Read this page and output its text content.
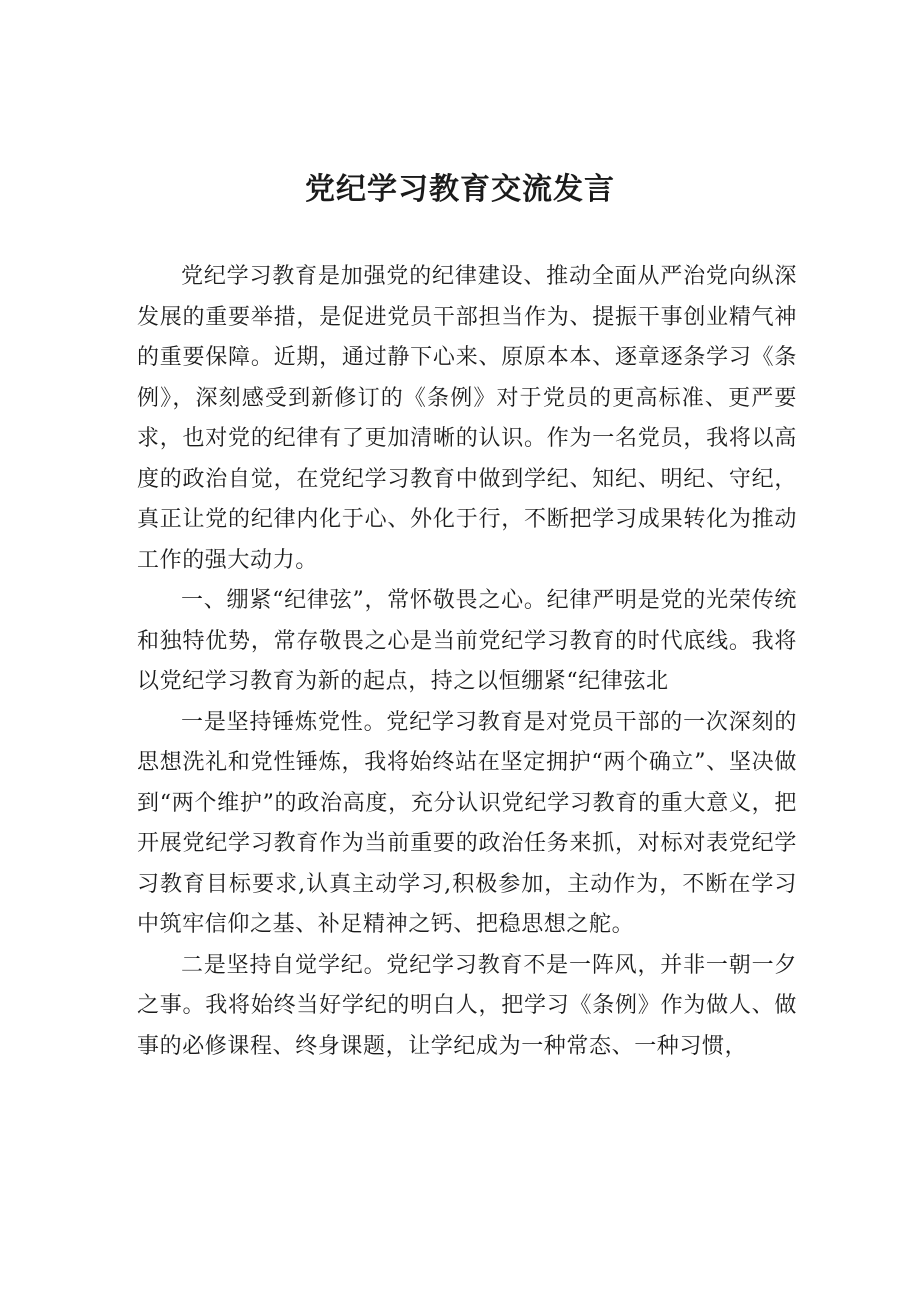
党纪学习教育交流发言

党纪学习教育是加强党的纪律建设、推动全面从严治党向纵深发展的重要举措，是促进党员干部担当作为、提振干事创业精气神的重要保障。近期，通过静下心来、原原本本、逐章逐条学习《条例》，深刻感受到新修订的《条例》对于党员的更高标准、更严要求，也对党的纪律有了更加清晰的认识。作为一名党员，我将以高度的政治自觉，在党纪学习教育中做到学纪、知纪、明纪、守纪，真正让党的纪律内化于心、外化于行，不断把学习成果转化为推动工作的强大动力。

一、绷紧“纪律弦”，常怀敬畏之心。纪律严明是党的光荣传统和独特优势，常存敬畏之心是当前党纪学习教育的时代底线。我将以党纪学习教育为新的起点，持之以恒绷紧“纪律弦北

一是坚持锤炼党性。党纪学习教育是对党员干部的一次深刻的思想洗礼和党性锤炼，我将始终站在坚定拥护“两个确立”、坚决做到“两个维护”的政治高度，充分认识党纪学习教育的重大意义，把开展党纪学习教育作为当前重要的政治任务来抓，对标对表党纪学习教育目标要求,认真主动学习,积极参加，主动作为，不断在学习中筑牢信仰之基、补足精神之钙、把稳思想之舵。

二是坚持自觉学纪。党纪学习教育不是一阵风，并非一朝一夕之事。我将始终当好学纪的明白人，把学习《条例》作为做人、做事的必修课程、终身课题，让学纪成为一种常态、一种习惯，
